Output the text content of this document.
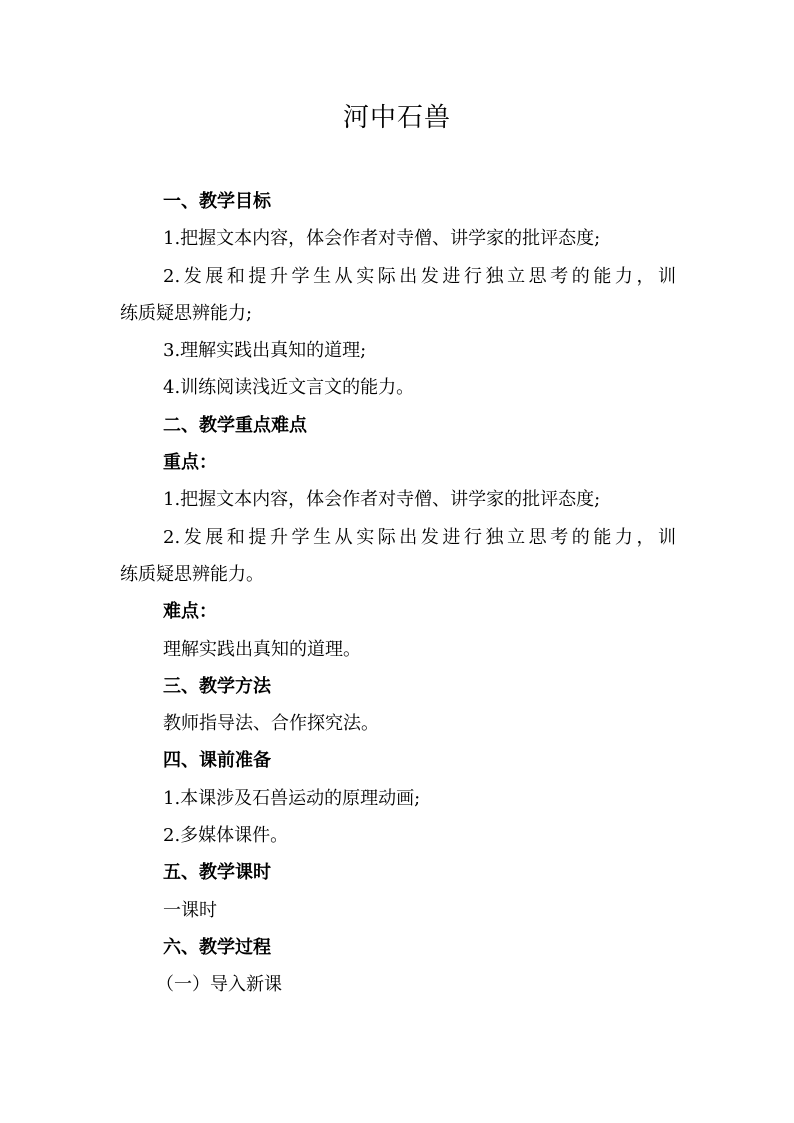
河中石兽
一、教学目标
1.把握文本内容，体会作者对寺僧、讲学家的批评态度;
2.发展和提升学生从实际出发进行独立思考的能力，训
练质疑思辨能力;
3.理解实践出真知的道理;
4.训练阅读浅近文言文的能力。
二、教学重点难点
重点：
1.把握文本内容，体会作者对寺僧、讲学家的批评态度;
2.发展和提升学生从实际出发进行独立思考的能力，训
练质疑思辨能力。
难点：
理解实践出真知的道理。
三、教学方法
教师指导法、合作探究法。
四、课前准备
1.本课涉及石兽运动的原理动画;
2.多媒体课件。
五、教学课时
一课时
六、教学过程
（一）导入新课
